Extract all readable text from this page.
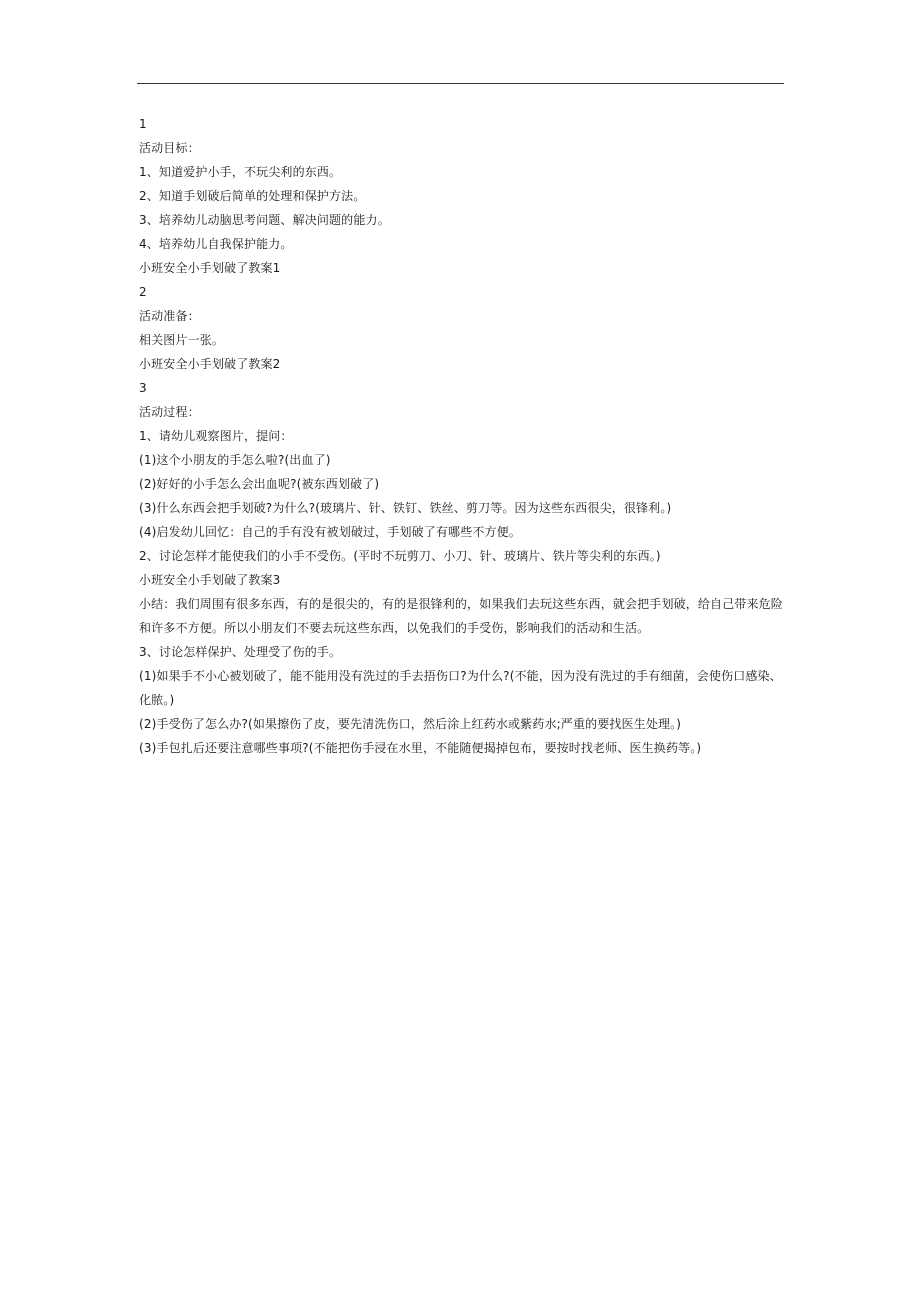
1
活动目标：
1、知道爱护小手，不玩尖利的东西。
2、知道手划破后简单的处理和保护方法。
3、培养幼儿动脑思考问题、解决问题的能力。
4、培养幼儿自我保护能力。
小班安全小手划破了教案1
2
活动准备：
相关图片一张。
小班安全小手划破了教案2
3
活动过程：
1、请幼儿观察图片，提问：
(1)这个小朋友的手怎么啦?(出血了)
(2)好好的小手怎么会出血呢?(被东西划破了)
(3)什么东西会把手划破?为什么?(玻璃片、针、铁钉、铁丝、剪刀等。因为这些东西很尖，很锋利。)
(4)启发幼儿回忆：自己的手有没有被划破过，手划破了有哪些不方便。
2、讨论怎样才能使我们的小手不受伤。(平时不玩剪刀、小刀、针、玻璃片、铁片等尖利的东西。)
小班安全小手划破了教案3
小结：我们周围有很多东西，有的是很尖的，有的是很锋利的，如果我们去玩这些东西，就会把手划破，给自己带来危险和许多不方便。所以小朋友们不要去玩这些东西，以免我们的手受伤，影响我们的活动和生活。
3、讨论怎样保护、处理受了伤的手。
(1)如果手不小心被划破了，能不能用没有洗过的手去捂伤口?为什么?(不能，因为没有洗过的手有细菌，会使伤口感染、化脓。)
(2)手受伤了怎么办?(如果擦伤了皮，要先清洗伤口，然后涂上红药水或紫药水;严重的要找医生处理。)
(3)手包扎后还要注意哪些事项?(不能把伤手浸在水里，不能随便揭掉包布，要按时找老师、医生换药等。)
